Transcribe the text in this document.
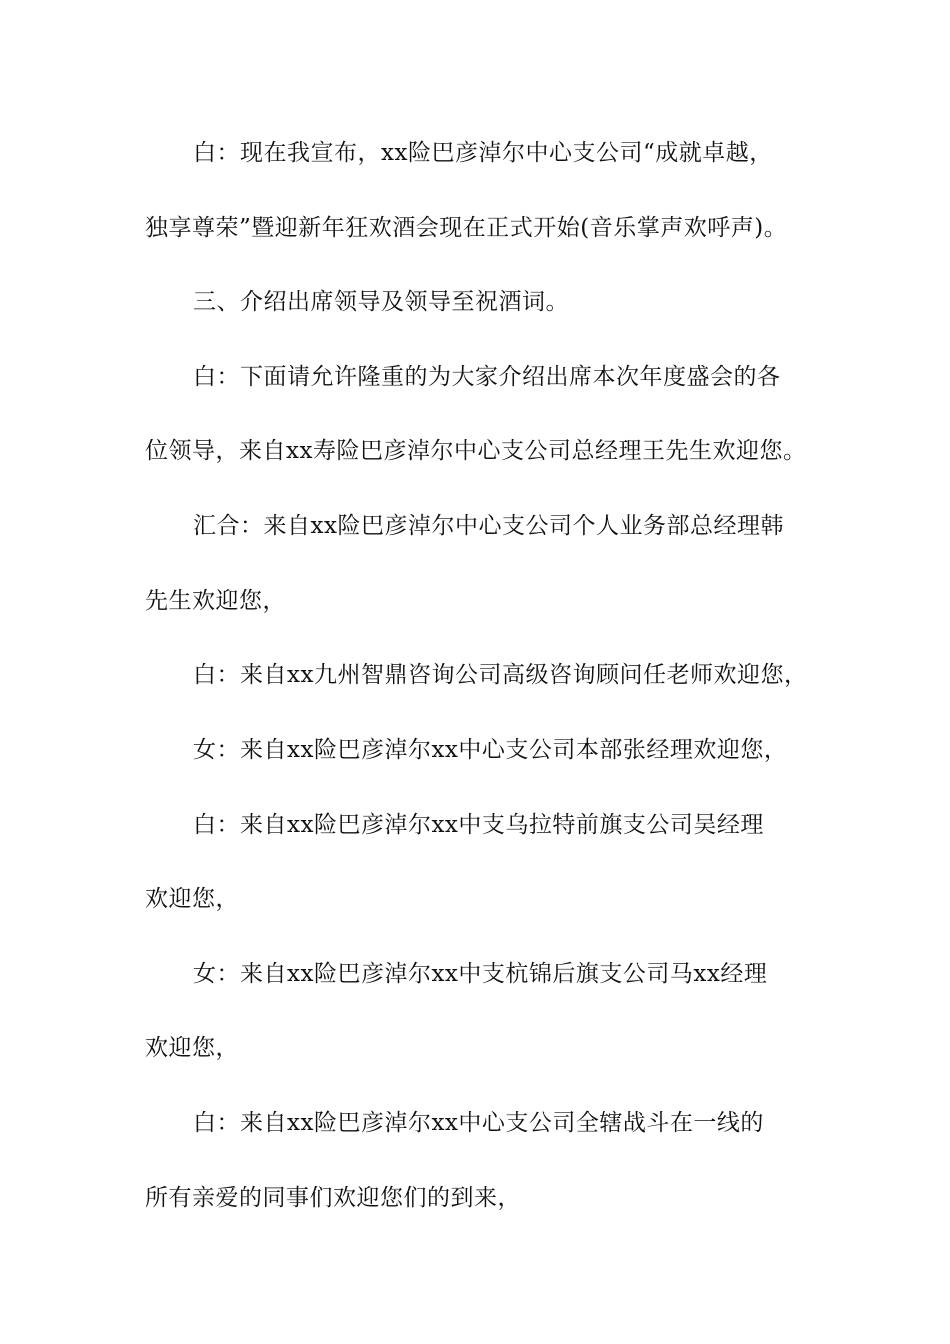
白：现在我宣布，xx险巴彦淖尔中心支公司“成就卓越，
独享尊荣”暨迎新年狂欢酒会现在正式开始(音乐掌声欢呼声)。
三、介绍出席领导及领导至祝酒词。
白：下面请允许隆重的为大家介绍出席本次年度盛会的各
位领导，来自xx寿险巴彦淖尔中心支公司总经理王先生欢迎您。
汇合：来自xx险巴彦淖尔中心支公司个人业务部总经理韩
先生欢迎您，
白：来自xx九州智鼎咨询公司高级咨询顾问任老师欢迎您，
女：来自xx险巴彦淖尔xx中心支公司本部张经理欢迎您，
白：来自xx险巴彦淖尔xx中支乌拉特前旗支公司吴经理
欢迎您，
女：来自xx险巴彦淖尔xx中支杭锦后旗支公司马xx经理
欢迎您，
白：来自xx险巴彦淖尔xx中心支公司全辖战斗在一线的
所有亲爱的同事们欢迎您们的到来，
